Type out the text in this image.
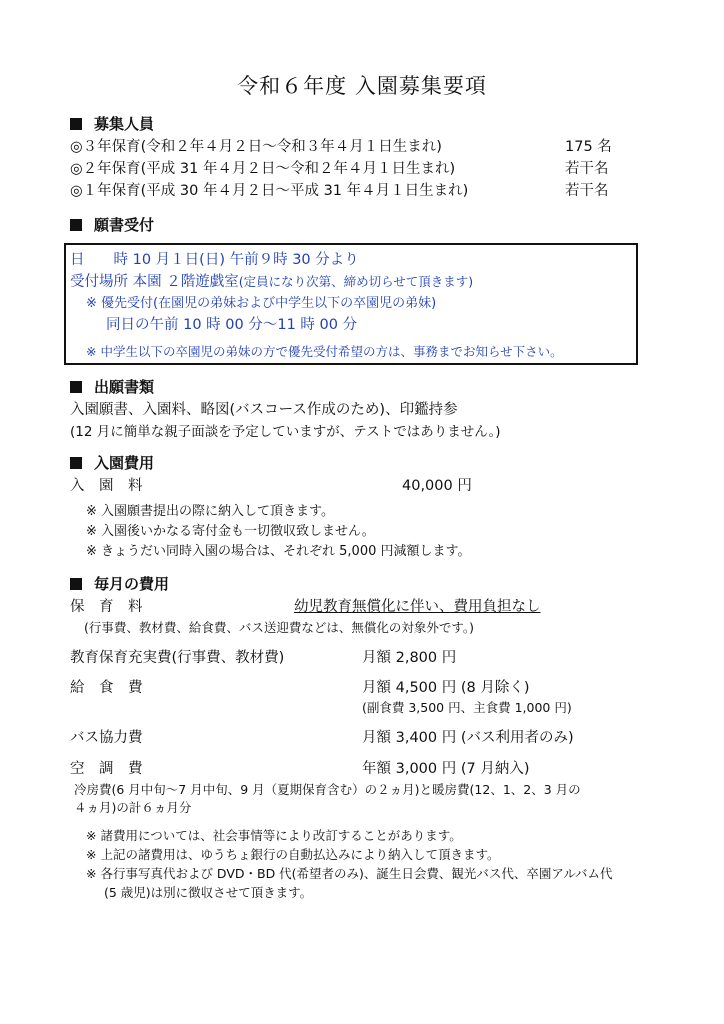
令和６年度 入園募集要項
募集人員
◎３年保育(令和２年４月２日〜令和３年４月１日生まれ)	175 名
◎２年保育(平成 31 年４月２日〜令和２年４月１日生まれ)	若干名
◎１年保育(平成 30 年４月２日〜平成 31 年４月１日生まれ)	若干名
願書受付
日　　時 10 月１日(日) 午前９時 30 分より
受付場所 本園 ２階遊戯室(定員になり次第、締め切らせて頂きます)
※ 優先受付(在園児の弟妹および中学生以下の卒園児の弟妹)
同日の午前 10 時 00 分〜11 時 00 分
※ 中学生以下の卒園児の弟妹の方で優先受付希望の方は、事務までお知らせ下さい。
出願書類
入園願書、入園料、略図(バスコース作成のため)、印鑑持参
(12 月に簡単な親子面談を予定していますが、テストではありません。)
入園費用
入　園　料	40,000 円
※ 入園願書提出の際に納入して頂きます。
※ 入園後いかなる寄付金も一切徴収致しません。
※ きょうだい同時入園の場合は、それぞれ 5,000 円減額します。
毎月の費用
保　育　料	幼児教育無償化に伴い、費用負担なし
(行事費、教材費、給食費、バス送迎費などは、無償化の対象外です。)
教育保育充実費(行事費、教材費)	月額 2,800 円
給　食　費	月額 4,500 円 (8 月除く)
(副食費 3,500 円、主食費 1,000 円)
バス協力費	月額 3,400 円 (バス利用者のみ)
空　調　費	年額 3,000 円 (7 月納入)
冷房費(6 月中旬〜7 月中旬、9 月（夏期保育含む）の２ヵ月)と暖房費(12、1、2、3 月の
４ヵ月)の計６ヵ月分
※ 諸費用については、社会事情等により改訂することがあります。
※ 上記の諸費用は、ゆうちょ銀行の自動払込みにより納入して頂きます。
※ 各行事写真代および DVD・BD 代(希望者のみ)、誕生日会費、観光バス代、卒園アルバム代
(5 歳児)は別に徴収させて頂きます。
